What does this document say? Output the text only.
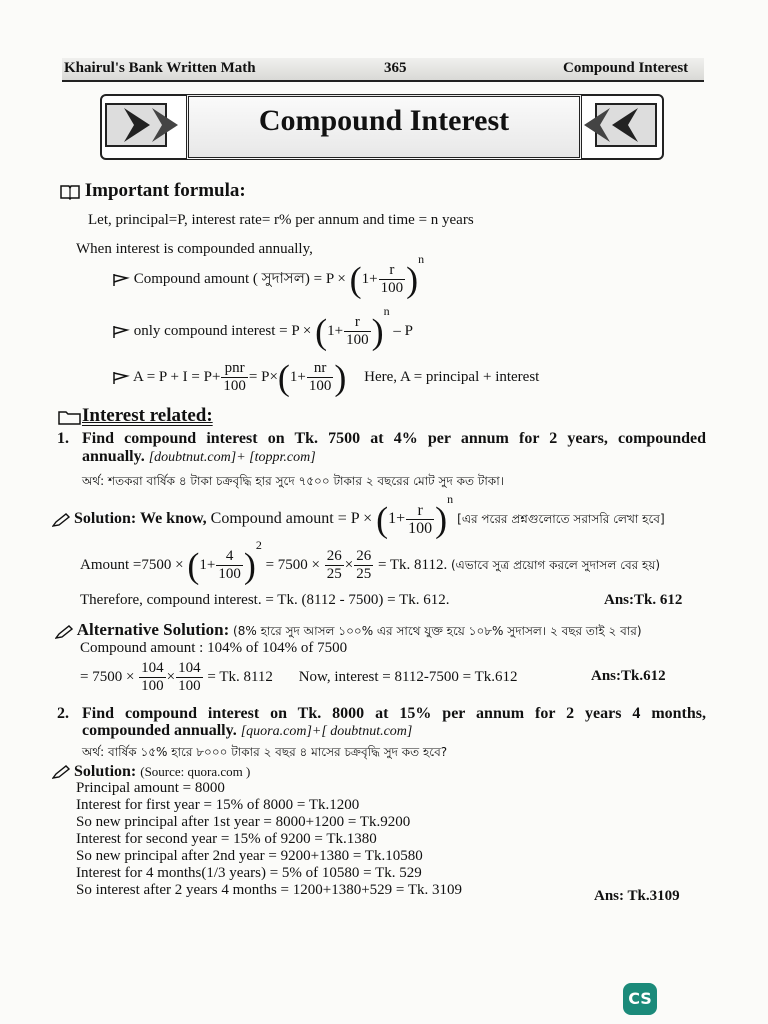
Khairul's Bank Written Math	365	Compound Interest
Compound Interest
Important formula:
Let, principal=P, interest rate= r% per annum and time = n years
When interest is compounded annually,
Compound amount ( সুদাসল) = $P \times (1+ \frac{r}{100} )^n$
only compound interest = $P \times (1+ \frac{r}{100} )^n - P$
$A = P + I = P+ \frac{\text{pnr}}{100} = P\times(1+ \frac{nr}{100}$ ) Here, A = principal + interest
Interest related:
1. Find compound interest on Tk. 7500 at 4% per annum for 2 years, compounded
annually. [doubtnut.com]+ [toppr.com]
অর্থ: শতকরা বার্ষিক ৪ টাকা চক্রবৃদ্ধি হার সুদে ৭৫০০ টাকার ২ বছরের মোট সুদ কত টাকা।
Solution: We know, Compound amount = $P \times (1+ \frac{r}{100} )^n$ [এর পরের প্রশ্নগুলোতে সরাসরি লেখা হবে]
Amount $=7500 \times (1+ \frac{4}{100} )^2 = 7500 \times \frac{26}{25} \times \frac{26}{25} = Tk$. 8112. (এভাবে সুত্র প্রয়োগ করলে সুদাসল বের হয়)
Therefore, compound interest. = Tk. (8112 - 7500) = Tk. 612.	Ans:Tk. 612
Alternative Solution: (8% হারে সুদ আসল ১০০% এর সাথে যুক্ত হয়ে ১০৮% সুদাসল। ২ বছর তাই ২ বার)
Compound amount : 104% of 104% of 7500
= $7500 \times \frac{104}{100} \times \frac{104}{100} = Tk$. 8112 Now, interest = 8112-7500 = Tk.612	Ans:Tk.612
2. Find compound interest on Tk. 8000 at 15% per annum for 2 years 4 months,
compounded annually. [quora.com]+[ doubtnut.com]
অর্থ: বার্ষিক ১৫% হারে ৮০০০ টাকার ২ বছর ৪ মাসের চক্রবৃদ্ধি সুদ কত হবে?
Solution: (Source: quora.com )
Principal amount = 8000
Interest for first year = 15% of 8000 = Tk.1200
So new principal after 1st year = 8000+1200 = Tk.9200
Interest for second year = 15% of 9200 = Tk.1380
So new principal after 2nd year = 9200+1380 = Tk.10580
Interest for 4 months(1/3 years) = 5% of 10580 = Tk. 529
So interest after 2 years 4 months = 1200+1380+529 = Tk. 3109	Ans: Tk.3109
CS
